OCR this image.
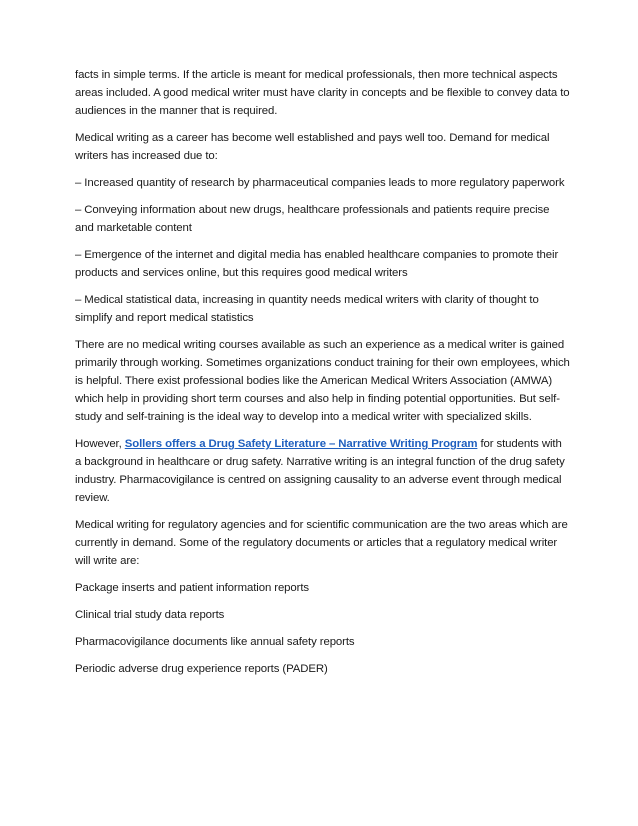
facts in simple terms. If the article is meant for medical professionals, then more technical aspects areas included. A good medical writer must have clarity in concepts and be flexible to convey data to audiences in the manner that is required.

Medical writing as a career has become well established and pays well too. Demand for medical writers has increased due to:

– Increased quantity of research by pharmaceutical companies leads to more regulatory paperwork

– Conveying information about new drugs, healthcare professionals and patients require precise and marketable content

– Emergence of the internet and digital media has enabled healthcare companies to promote their products and services online, but this requires good medical writers

– Medical statistical data, increasing in quantity needs medical writers with clarity of thought to simplify and report medical statistics

There are no medical writing courses available as such an experience as a medical writer is gained primarily through working. Sometimes organizations conduct training for their own employees, which is helpful. There exist professional bodies like the American Medical Writers Association (AMWA) which help in providing short term courses and also help in finding potential opportunities. But self-study and self-training is the ideal way to develop into a medical writer with specialized skills.

However, Sollers offers a Drug Safety Literature – Narrative Writing Program for students with a background in healthcare or drug safety. Narrative writing is an integral function of the drug safety industry. Pharmacovigilance is centred on assigning causality to an adverse event through medical review.

Medical writing for regulatory agencies and for scientific communication are the two areas which are currently in demand. Some of the regulatory documents or articles that a regulatory medical writer will write are:

Package inserts and patient information reports

Clinical trial study data reports

Pharmacovigilance documents like annual safety reports

Periodic adverse drug experience reports (PADER)
